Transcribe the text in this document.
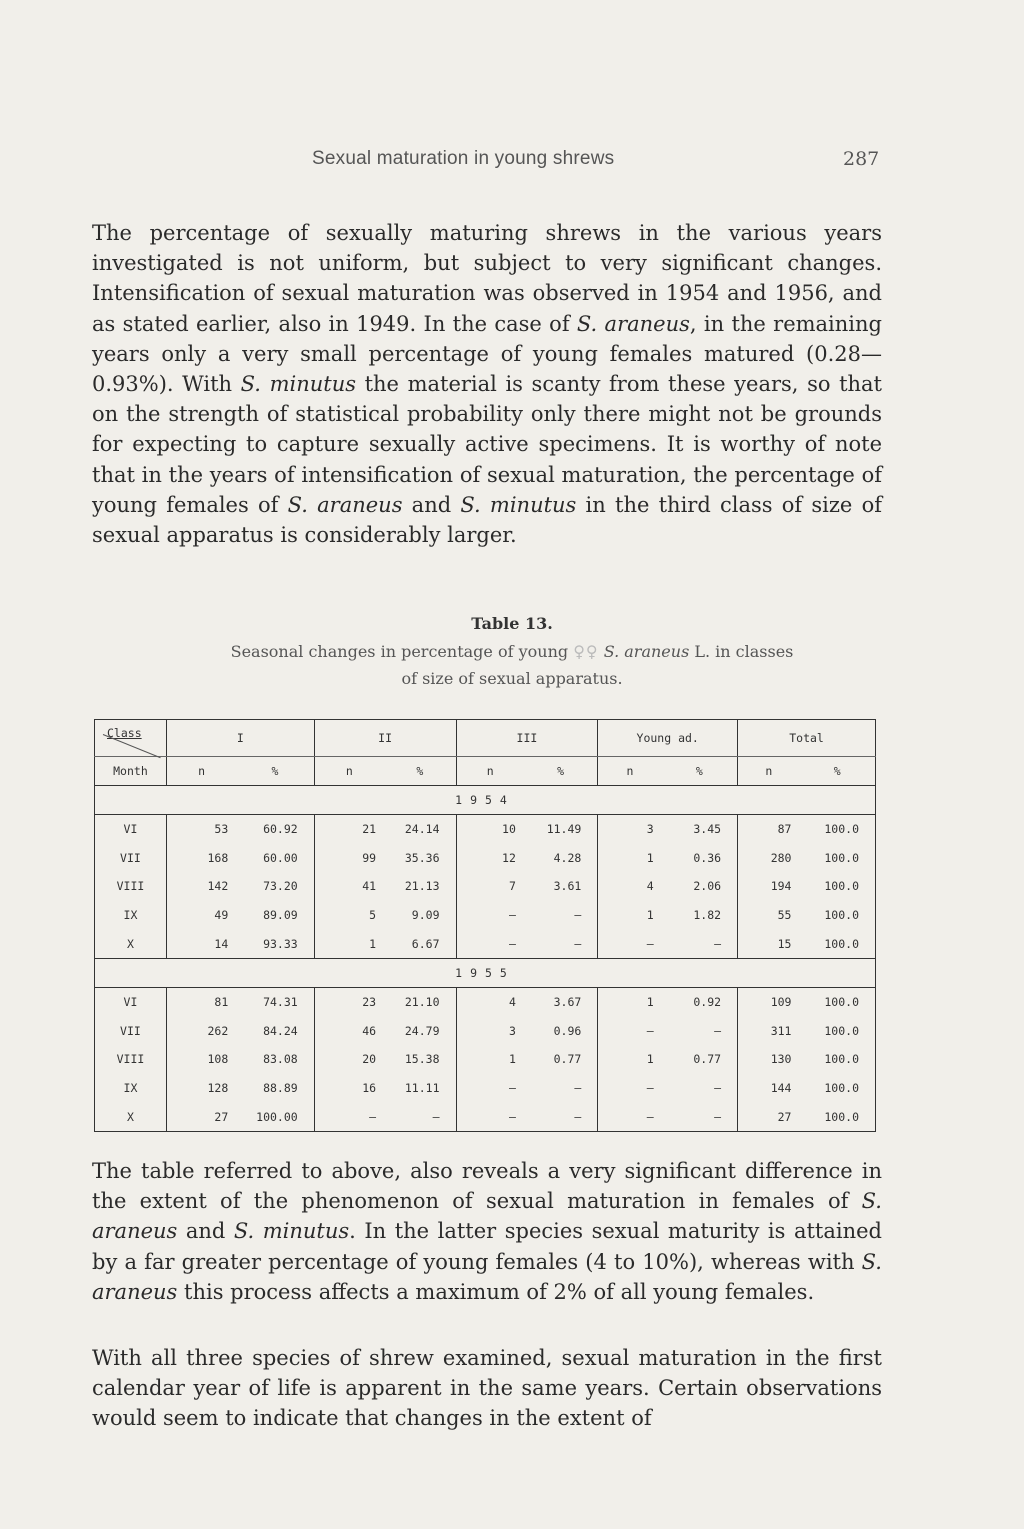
Sexual maturation in young shrews	287

The percentage of sexually maturing shrews in the various years investigated is not uniform, but subject to very significant changes. Intensification of sexual maturation was observed in 1954 and 1956, and as stated earlier, also in 1949. In the case of S. araneus, in the remaining years only a very small percentage of young females matured (0.28—0.93%). With S. minutus the material is scanty from these years, so that on the strength of statistical probability only there might not be grounds for expecting to capture sexually active specimens. It is worthy of note that in the years of intensification of sexual maturation, the percentage of young females of S. araneus and S. minutus in the third class of size of sexual apparatus is considerably larger.

Table 13.
Seasonal changes in percentage of young ♀♀ S. araneus L. in classes
of size of sexual apparatus.
Class	I		II		III		Young ad.		Total	
Month	n	%	n	%	n	%	n	%	n	%
1954										
VI	53	60.92	21	24.14	10	11.49	3	3.45	87	100.0
VII	168	60.00	99	35.36	12	4.28	1	0.36	280	100.0
VIII	142	73.20	41	21.13	7	3.61	4	2.06	194	100.0
IX	49	89.09	5	9.09	–	–	1	1.82	55	100.0
X	14	93.33	1	6.67	–	–	–	–	15	100.0
1955										
VI	81	74.31	23	21.10	4	3.67	1	0.92	109	100.0
VII	262	84.24	46	24.79	3	0.96	–	–	311	100.0
VIII	108	83.08	20	15.38	1	0.77	1	0.77	130	100.0
IX	128	88.89	16	11.11	–	–	–	–	144	100.0
X	27	100.00	–	–	–	–	–	–	27	100.0

The table referred to above, also reveals a very significant difference in the extent of the phenomenon of sexual maturation in females of S. araneus and S. minutus. In the latter species sexual maturity is attained by a far greater percentage of young females (4 to 10%), whereas with S. araneus this process affects a maximum of 2% of all young females.

With all three species of shrew examined, sexual maturation in the first calendar year of life is apparent in the same years. Certain observations would seem to indicate that changes in the extent of
